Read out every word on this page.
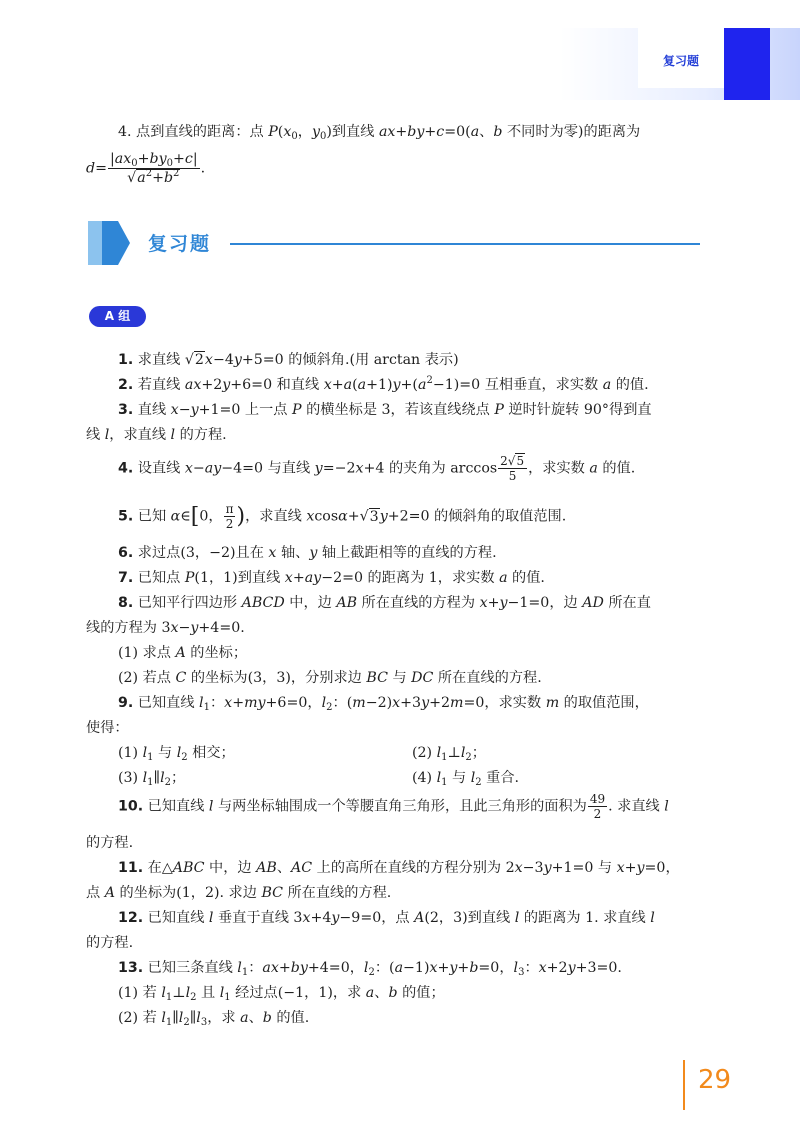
复习题
4. 点到直线的距离：点 $P(x_0$，$y_0$)到直线 ax+by+c=0(a、b 不同时为零)的距离为
$d= \frac{|ax_0+by_0+c|}{√a^2+b^2}$ .
复习题
A 组
1. 求直线 √2x−4y+5=0 的倾斜角.(用 arctan 表示)
2. 若直线 ax+2y+6=0 和直线 $x+a(a+1)y+(a^2-1)=0$ 互相垂直，求实数 a 的值.
3. 直线 x−y+1=0 上一点 P 的横坐标是 3，若该直线绕点 P 逆时针旋转 90°得到直
线 l，求直线 l 的方程.
4. 设直线 x−ay−4=0 与直线 y=−2x+4 的夹角为 $\arccos \frac{2√5}{5}$ ，求实数 a 的值.
5. 已知 α∈[0， $\frac{\pi}{2}$ )，求直线 xcosα+√3y+2=0 的倾斜角的取值范围.
6. 求过点(3，−2)且在 x 轴、y 轴上截距相等的直线的方程.
7. 已知点 P(1，1)到直线 x+ay−2=0 的距离为 1，求实数 a 的值.
8. 已知平行四边形 ABCD 中，边 AB 所在直线的方程为 x+y−1=0，边 AD 所在直
线的方程为 3x−y+4=0.
(1) 求点 A 的坐标；
(2) 若点 C 的坐标为(3，3)，分别求边 BC 与 DC 所在直线的方程.
9. 已知直线 $l_1$：x+my+6=0，$l_2$：(m−2)x+3y+2m=0，求实数 m 的取值范围，
使得：
(1) $l_1$ 与 $l_2$ 相交；	(2) $l_1\perp l_2$；
(3) $l_1\parallel l_2$；	(4) $l_1$ 与 $l_2$ 重合.
10. 已知直线 l 与两坐标轴围成一个等腰直角三角形，且此三角形的面积为 $\frac{49}{2}$ . 求直线 l
的方程.
11. 在△ABC 中，边 AB、AC 上的高所在直线的方程分别为 2x−3y+1=0 与 x+y=0，
点 A 的坐标为(1，2). 求边 BC 所在直线的方程.
12. 已知直线 l 垂直于直线 3x+4y−9=0，点 A(2，3)到直线 l 的距离为 1. 求直线 l
的方程.
13. 已知三条直线 $l_1$：ax+by+4=0，$l_2$：(a−1)x+y+b=0，$l_3$：x+2y+3=0.
(1) 若 $l_1\perp l_2$ 且 $l_1$ 经过点(−1，1)，求 a、b 的值；
(2) 若 $l_1\parallel l_2\parallel l_3$，求 a、b 的值.
29
